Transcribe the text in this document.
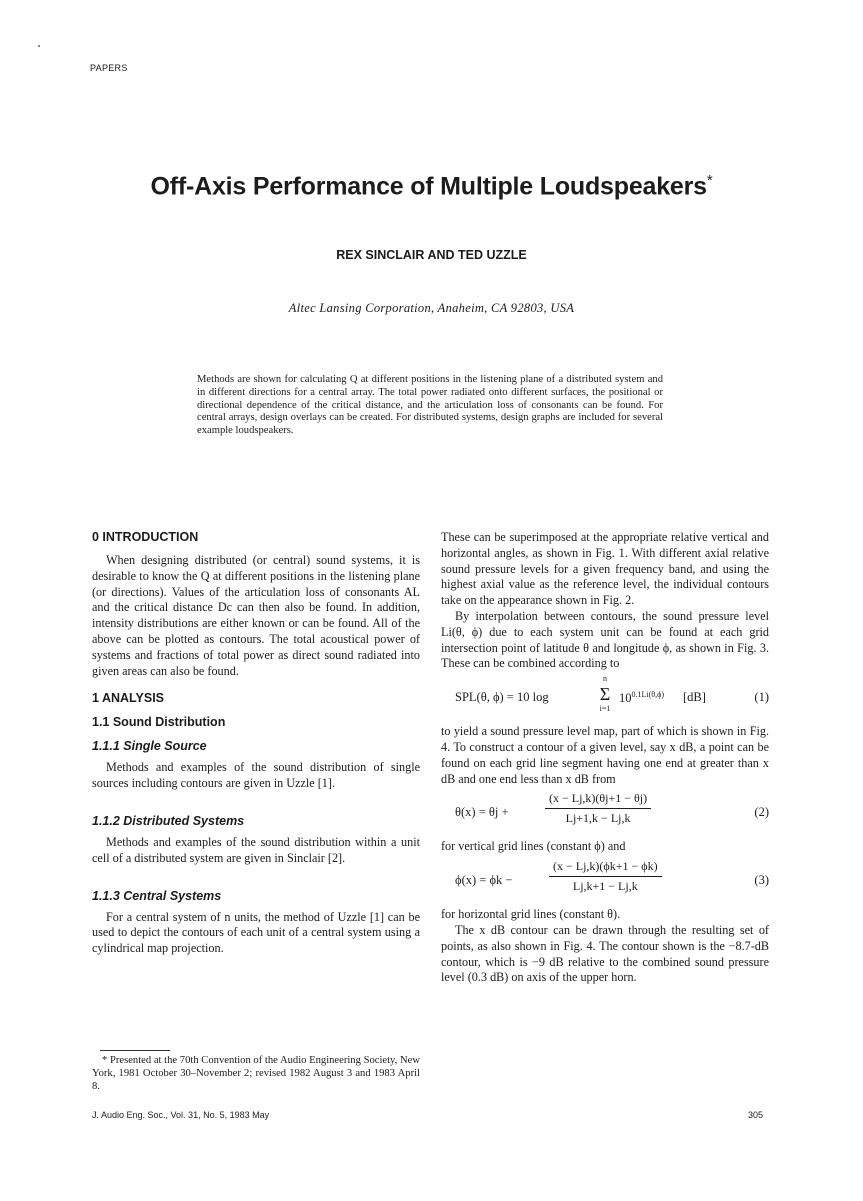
PAPERS
Off-Axis Performance of Multiple Loudspeakers*
REX SINCLAIR AND TED UZZLE
Altec Lansing Corporation, Anaheim, CA 92803, USA
Methods are shown for calculating Q at different positions in the listening plane of a distributed system and in different directions for a central array. The total power radiated onto different surfaces, the positional or directional dependence of the critical distance, and the articulation loss of consonants can be found. For central arrays, design overlays can be created. For distributed systems, design graphs are included for several example loudspeakers.
0 INTRODUCTION

When designing distributed (or central) sound systems, it is desirable to know the Q at different positions in the listening plane (or directions). Values of the articulation loss of consonants AL and the critical distance Dc can then also be found. In addition, intensity distributions are either known or can be found. All of the above can be plotted as contours. The total acoustical power of systems and fractions of total power as direct sound radiated into given areas can also be found.

1 ANALYSIS
1.1 Sound Distribution
1.1.1 Single Source

Methods and examples of the sound distribution of single sources including contours are given in Uzzle [1].

1.1.2 Distributed Systems

Methods and examples of the sound distribution within a unit cell of a distributed system are given in Sinclair [2].

1.1.3 Central Systems

For a central system of n units, the method of Uzzle [1] can be used to depict the contours of each unit of a central system using a cylindrical map projection.

These can be superimposed at the appropriate relative vertical and horizontal angles, as shown in Fig. 1. With different axial relative sound pressure levels for a given frequency band, and using the highest axial value as the reference level, the individual contours take on the appearance shown in Fig. 2.

By interpolation between contours, the sound pressure level Li(θ, ϕ) due to each system unit can be found at each grid intersection point of latitude θ and longitude ϕ, as shown in Fig. 3. These can be combined according to

SPL(θ, ϕ) = 10 log
n
Σ
i=1
$10^{0.1Li(\theta,\phi)}$ [dB]	(1)

to yield a sound pressure level map, part of which is shown in Fig. 4. To construct a contour of a given level, say x dB, a point can be found on each grid line segment having one end at greater than x dB and one end less than x dB from

θ(x) = θj +	$\frac{(x - Lj,k)(\theta j+1 - \theta j)}{Lj+1,k - Lj,k}$	(2)

for vertical grid lines (constant ϕ) and

ϕ(x) = ϕk −	$\frac{(x - Lj,k)(\phi k+1 - \phi k)}{Lj,k+1 - Lj,k}$	(3)

for horizontal grid lines (constant θ).

The x dB contour can be drawn through the resulting set of points, as also shown in Fig. 4. The contour shown is the −8.7-dB contour, which is −9 dB relative to the combined sound pressure level (0.3 dB) on axis of the upper horn.

* Presented at the 70th Convention of the Audio Engineering Society, New York, 1981 October 30–November 2; revised 1982 August 3 and 1983 April 8.
J. Audio Eng. Soc., Vol. 31, No. 5, 1983 May	305
